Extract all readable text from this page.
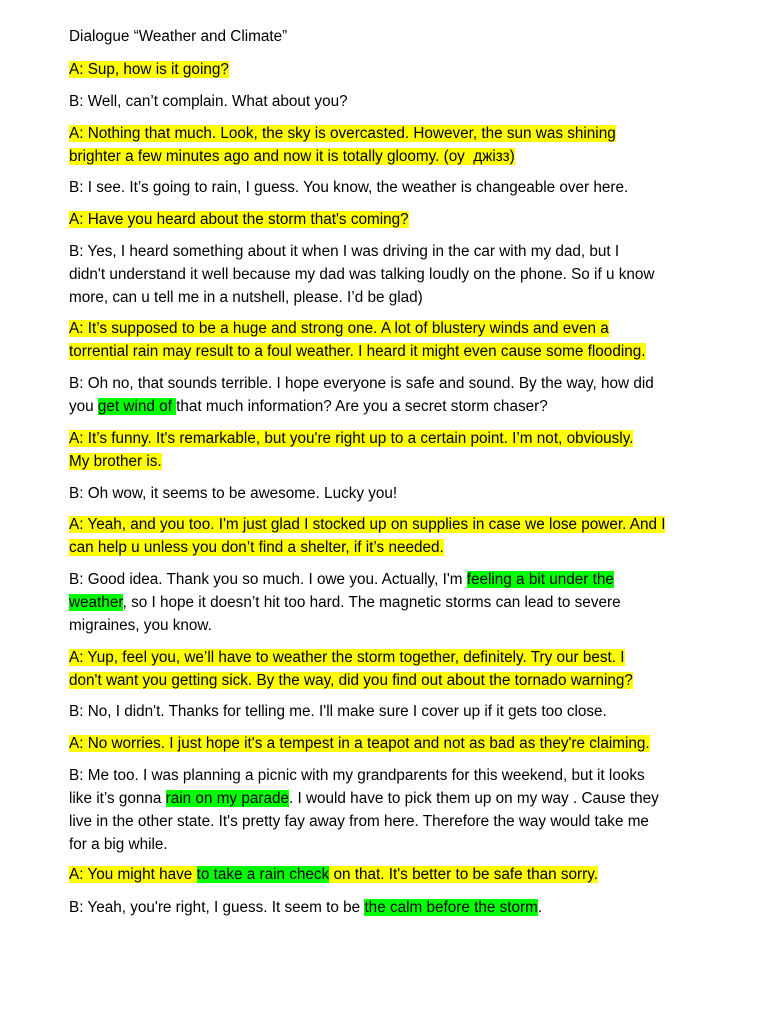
Dialogue “Weather and Climate”
A: Sup, how is it going?
B: Well, can’t complain. What about you?
A: Nothing that much. Look, the sky is overcasted. However, the sun was shining
brighter a few minutes ago and now it is totally gloomy. (оу  джізз)
B: I see. It’s going to rain, I guess. You know, the weather is changeable over here.
A: Have you heard about the storm that's coming?
B: Yes, I heard something about it when I was driving in the car with my dad, but I
didn't understand it well because my dad was talking loudly on the phone. So if u know
more, can u tell me in a nutshell, please. I’d be glad)
A: It’s supposed to be a huge and strong one. A lot of blustery winds and even a
torrential rain may result to a foul weather. I heard it might even cause some flooding.
B: Oh no, that sounds terrible. I hope everyone is safe and sound. By the way, how did
you get wind of that much information? Are you a secret storm chaser?
A: It’s funny. It's remarkable, but you're right up to a certain point. I’m not, obviously.
My brother is.
B: Oh wow, it seems to be awesome. Lucky you!
A: Yeah, and you too. I'm just glad I stocked up on supplies in case we lose power. And I
can help u unless you don’t find a shelter, if it’s needed.
B: Good idea. Thank you so much. I owe you. Actually, I'm feeling a bit under the
weather, so I hope it doesn’t hit too hard. The magnetic storms can lead to severe
migraines, you know.
A: Yup, feel you, we’ll have to weather the storm together, definitely. Try our best. I
don't want you getting sick. By the way, did you find out about the tornado warning?
B: No, I didn't. Thanks for telling me. I'll make sure I cover up if it gets too close.
A: No worries. I just hope it's a tempest in a teapot and not as bad as they're claiming.
B: Me too. I was planning a picnic with my grandparents for this weekend, but it looks
like it’s gonna rain on my parade. I would have to pick them up on my way . Cause they
live in the other state. It's pretty fay away from here. Therefore the way would take me
for a big while.
A: You might have to take a rain check on that. It's better to be safe than sorry.
B: Yeah, you're right, I guess. It seem to be the calm before the storm.
